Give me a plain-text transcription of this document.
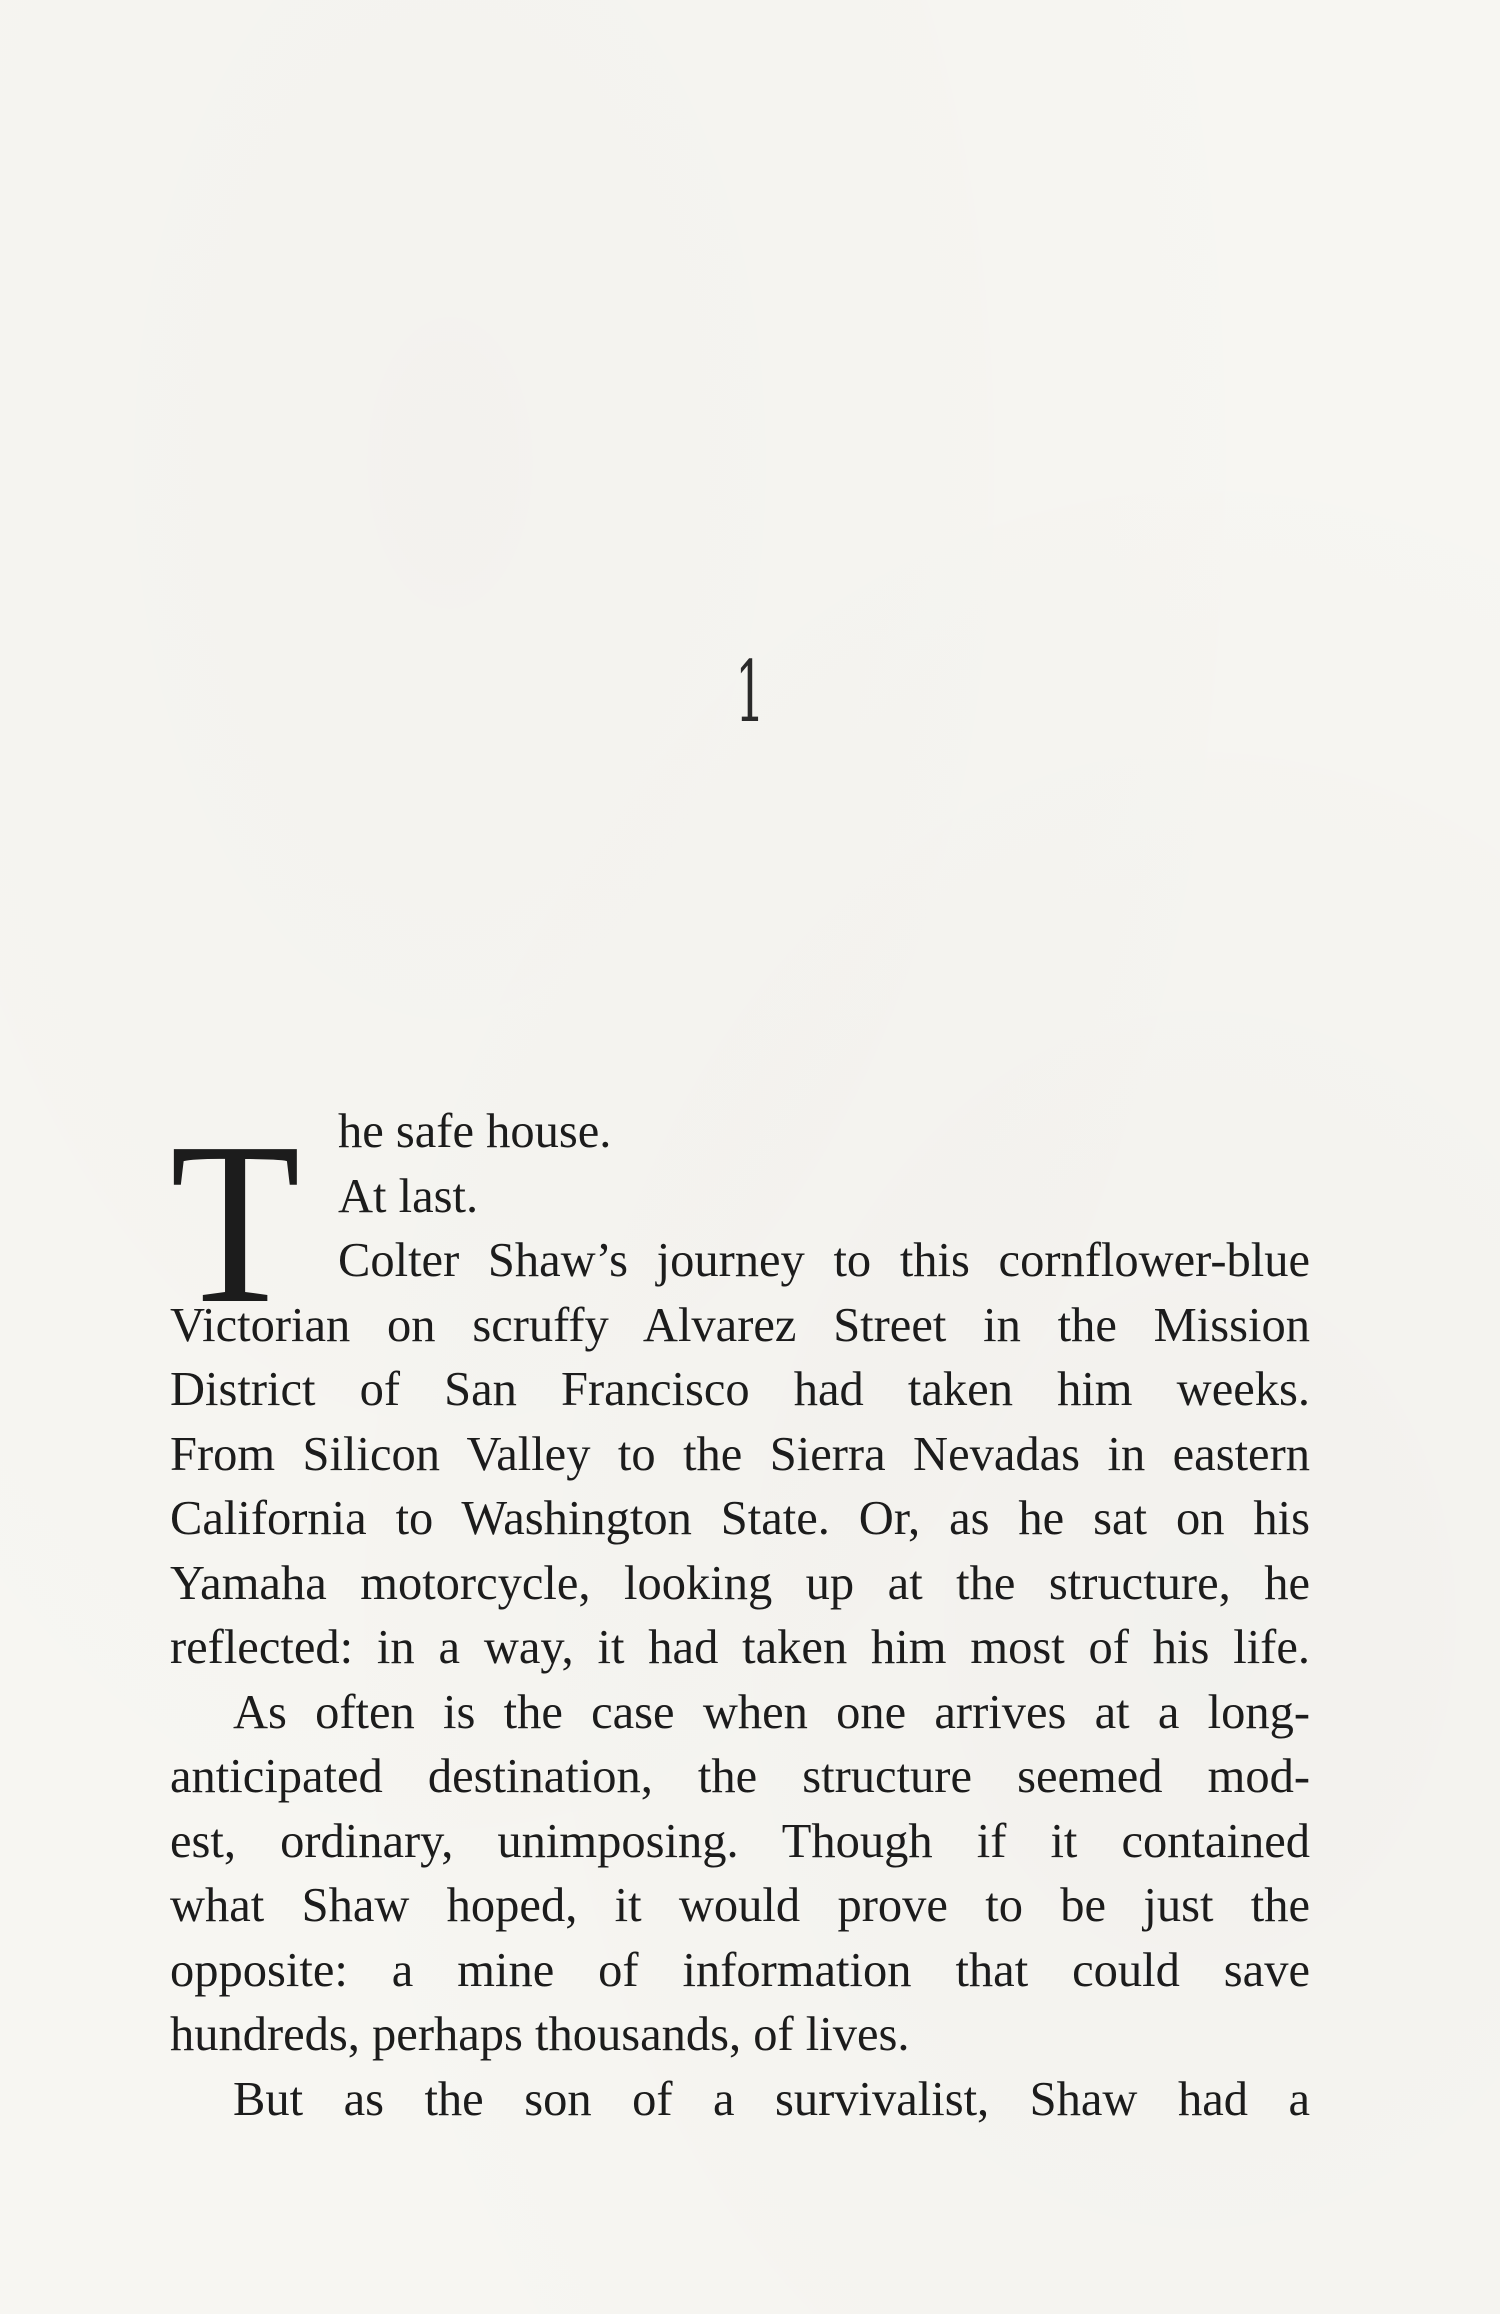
1
T he safe house.
At last.
Colter Shaw’s journey to this cornflower-blue
Victorian on scruffy Alvarez Street in the Mission
District of San Francisco had taken him weeks.
From Silicon Valley to the Sierra Nevadas in eastern
California to Washington State. Or, as he sat on his
Yamaha motorcycle, looking up at the structure, he
reflected: in a way, it had taken him most of his life.
As often is the case when one arrives at a long-
anticipated destination, the structure seemed mod-
est, ordinary, unimposing. Though if it contained
what Shaw hoped, it would prove to be just the
opposite: a mine of information that could save
hundreds, perhaps thousands, of lives.
But as the son of a survivalist, Shaw had a
